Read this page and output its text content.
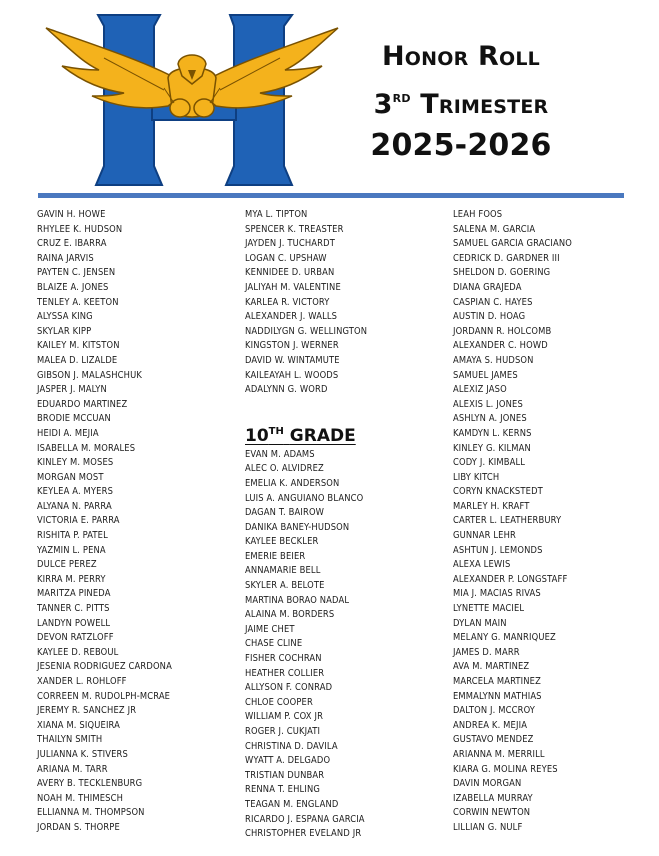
Honor Roll
3rd Trimester
2025-2026
GAVIN H. HOWE
RHYLEE K. HUDSON
CRUZ E. IBARRA
RAINA JARVIS
PAYTEN C. JENSEN
BLAIZE A. JONES
TENLEY A. KEETON
ALYSSA KING
SKYLAR KIPP
KAILEY M. KITSTON
MALEA D. LIZALDE
GIBSON J. MALASHCHUK
JASPER J. MALYN
EDUARDO MARTINEZ
BRODIE MCCUAN
HEIDI A. MEJIA
ISABELLA M. MORALES
KINLEY M. MOSES
MORGAN MOST
KEYLEA A. MYERS
ALYANA N. PARRA
VICTORIA E. PARRA
RISHITA P. PATEL
YAZMIN L. PENA
DULCE PEREZ
KIRRA M. PERRY
MARITZA PINEDA
TANNER C. PITTS
LANDYN POWELL
DEVON RATZLOFF
KAYLEE D. REBOUL
JESENIA RODRIGUEZ CARDONA
XANDER L. ROHLOFF
CORREEN M. RUDOLPH-MCRAE
JEREMY R. SANCHEZ JR
XIANA M. SIQUEIRA
THAILYN SMITH
JULIANNA K. STIVERS
ARIANA M. TARR
AVERY B. TECKLENBURG
NOAH M. THIMESCH
ELLIANNA M. THOMPSON
JORDAN S. THORPE
MYA L. TIPTON
SPENCER K. TREASTER
JAYDEN J. TUCHARDT
LOGAN C. UPSHAW
KENNIDEE D. URBAN
JALIYAH M. VALENTINE
KARLEA R. VICTORY
ALEXANDER J. WALLS
NADDILYGN G. WELLINGTON
KINGSTON J. WERNER
DAVID W. WINTAMUTE
KAILEAYAH L. WOODS
ADALYNN G. WORD
10TH GRADE
EVAN M. ADAMS
ALEC O. ALVIDREZ
EMELIA K. ANDERSON
LUIS A. ANGUIANO BLANCO
DAGAN T. BAIROW
DANIKA BANEY-HUDSON
KAYLEE BECKLER
EMERIE BEIER
ANNAMARIE BELL
SKYLER A. BELOTE
MARTINA BORAO NADAL
ALAINA M. BORDERS
JAIME CHET
CHASE CLINE
FISHER COCHRAN
HEATHER COLLIER
ALLYSON F. CONRAD
CHLOE COOPER
WILLIAM P. COX JR
ROGER J. CUKJATI
CHRISTINA D. DAVILA
WYATT A. DELGADO
TRISTIAN DUNBAR
RENNA T. EHLING
TEAGAN M. ENGLAND
RICARDO J. ESPANA GARCIA
CHRISTOPHER EVELAND JR
LEAH FOOS
SALENA M. GARCIA
SAMUEL GARCIA GRACIANO
CEDRICK D. GARDNER III
SHELDON D. GOERING
DIANA GRAJEDA
CASPIAN C. HAYES
AUSTIN D. HOAG
JORDANN R. HOLCOMB
ALEXANDER C. HOWD
AMAYA S. HUDSON
SAMUEL JAMES
ALEXIZ JASO
ALEXIS L. JONES
ASHLYN A. JONES
KAMDYN L. KERNS
KINLEY G. KILMAN
CODY J. KIMBALL
LIBY KITCH
CORYN KNACKSTEDT
MARLEY H. KRAFT
CARTER L. LEATHERBURY
GUNNAR LEHR
ASHTUN J. LEMONDS
ALEXA LEWIS
ALEXANDER P. LONGSTAFF
MIA J. MACIAS RIVAS
LYNETTE MACIEL
DYLAN MAIN
MELANY G. MANRIQUEZ
JAMES D. MARR
AVA M. MARTINEZ
MARCELA MARTINEZ
EMMALYNN MATHIAS
DALTON J. MCCROY
ANDREA K. MEJIA
GUSTAVO MENDEZ
ARIANNA M. MERRILL
KIARA G. MOLINA REYES
DAVIN MORGAN
IZABELLA MURRAY
CORWIN NEWTON
LILLIAN G. NULF
